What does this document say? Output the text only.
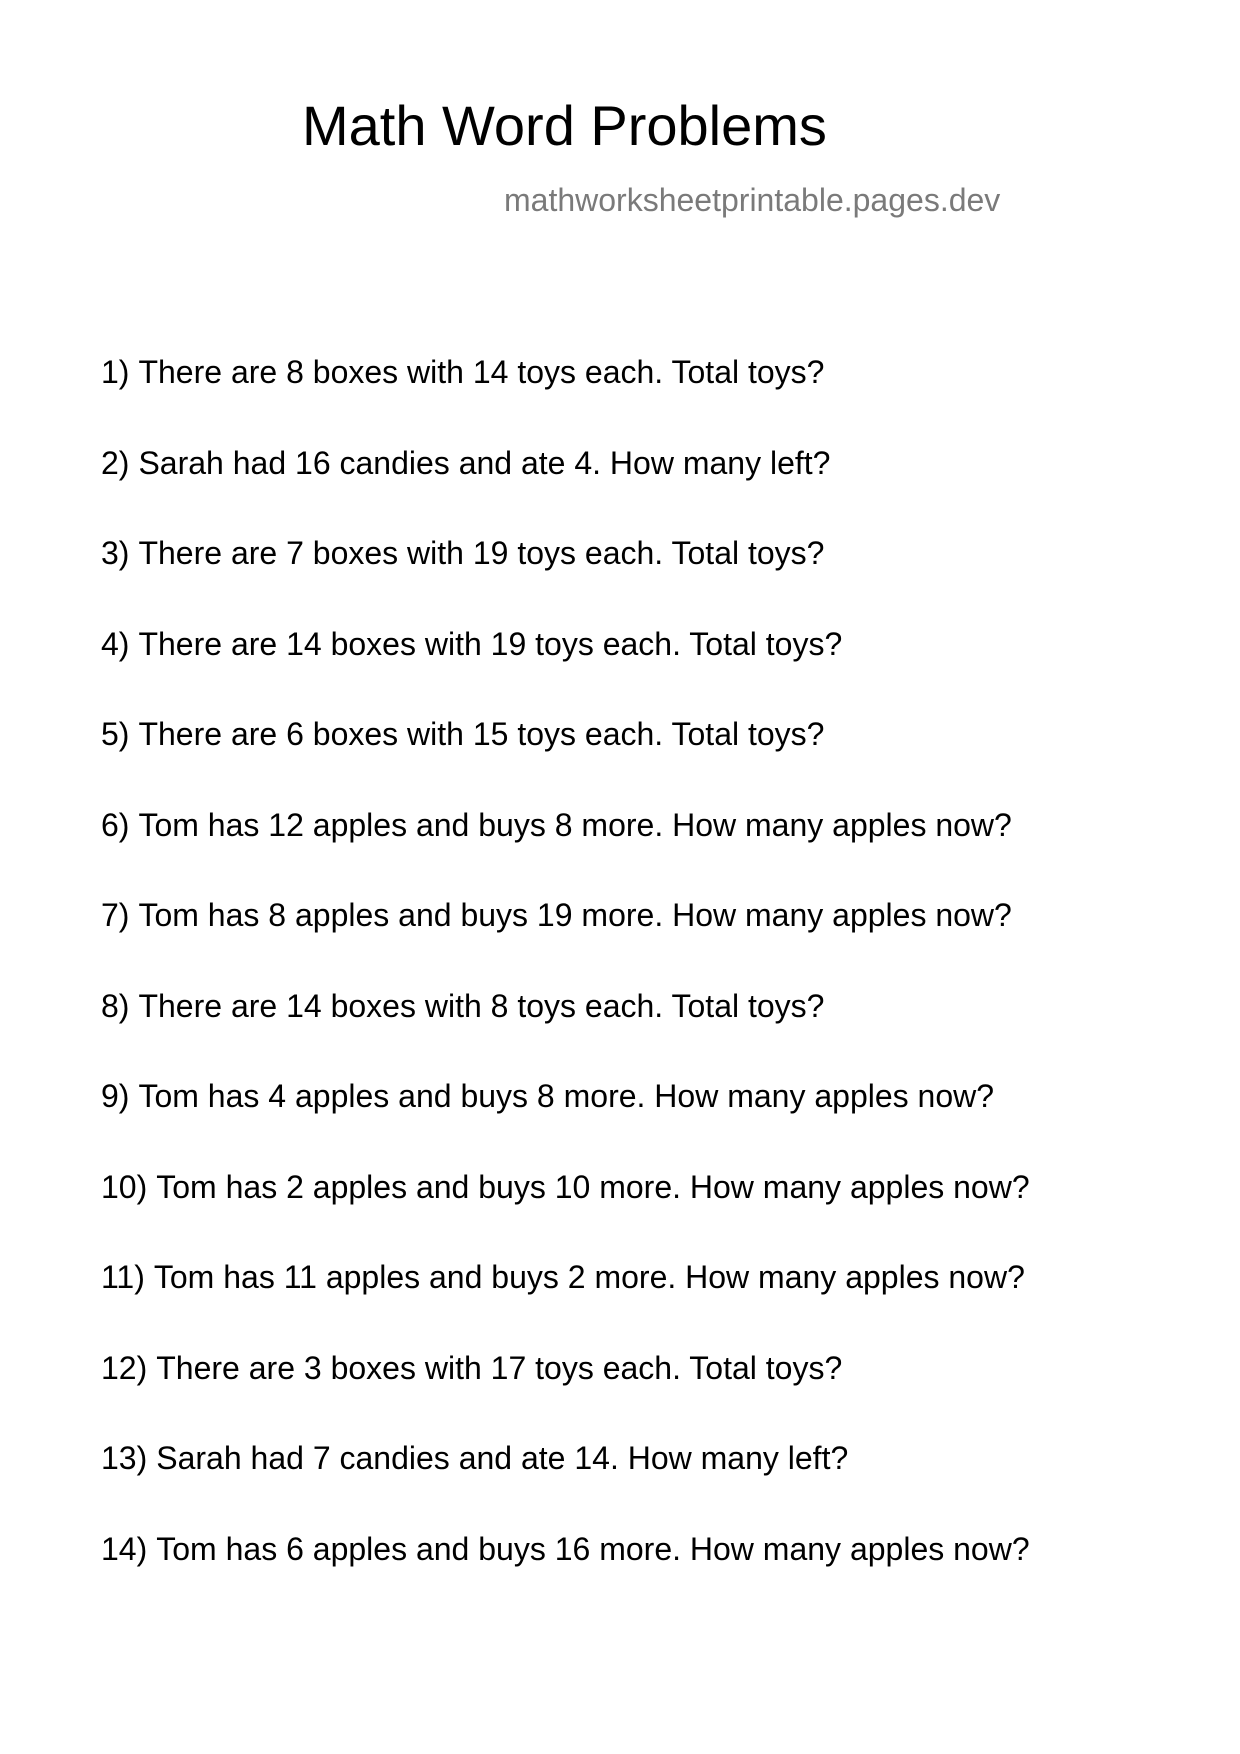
Math Word Problems
mathworksheetprintable.pages.dev
1) There are 8 boxes with 14 toys each. Total toys?
2) Sarah had 16 candies and ate 4. How many left?
3) There are 7 boxes with 19 toys each. Total toys?
4) There are 14 boxes with 19 toys each. Total toys?
5) There are 6 boxes with 15 toys each. Total toys?
6) Tom has 12 apples and buys 8 more. How many apples now?
7) Tom has 8 apples and buys 19 more. How many apples now?
8) There are 14 boxes with 8 toys each. Total toys?
9) Tom has 4 apples and buys 8 more. How many apples now?
10) Tom has 2 apples and buys 10 more. How many apples now?
11) Tom has 11 apples and buys 2 more. How many apples now?
12) There are 3 boxes with 17 toys each. Total toys?
13) Sarah had 7 candies and ate 14. How many left?
14) Tom has 6 apples and buys 16 more. How many apples now?
